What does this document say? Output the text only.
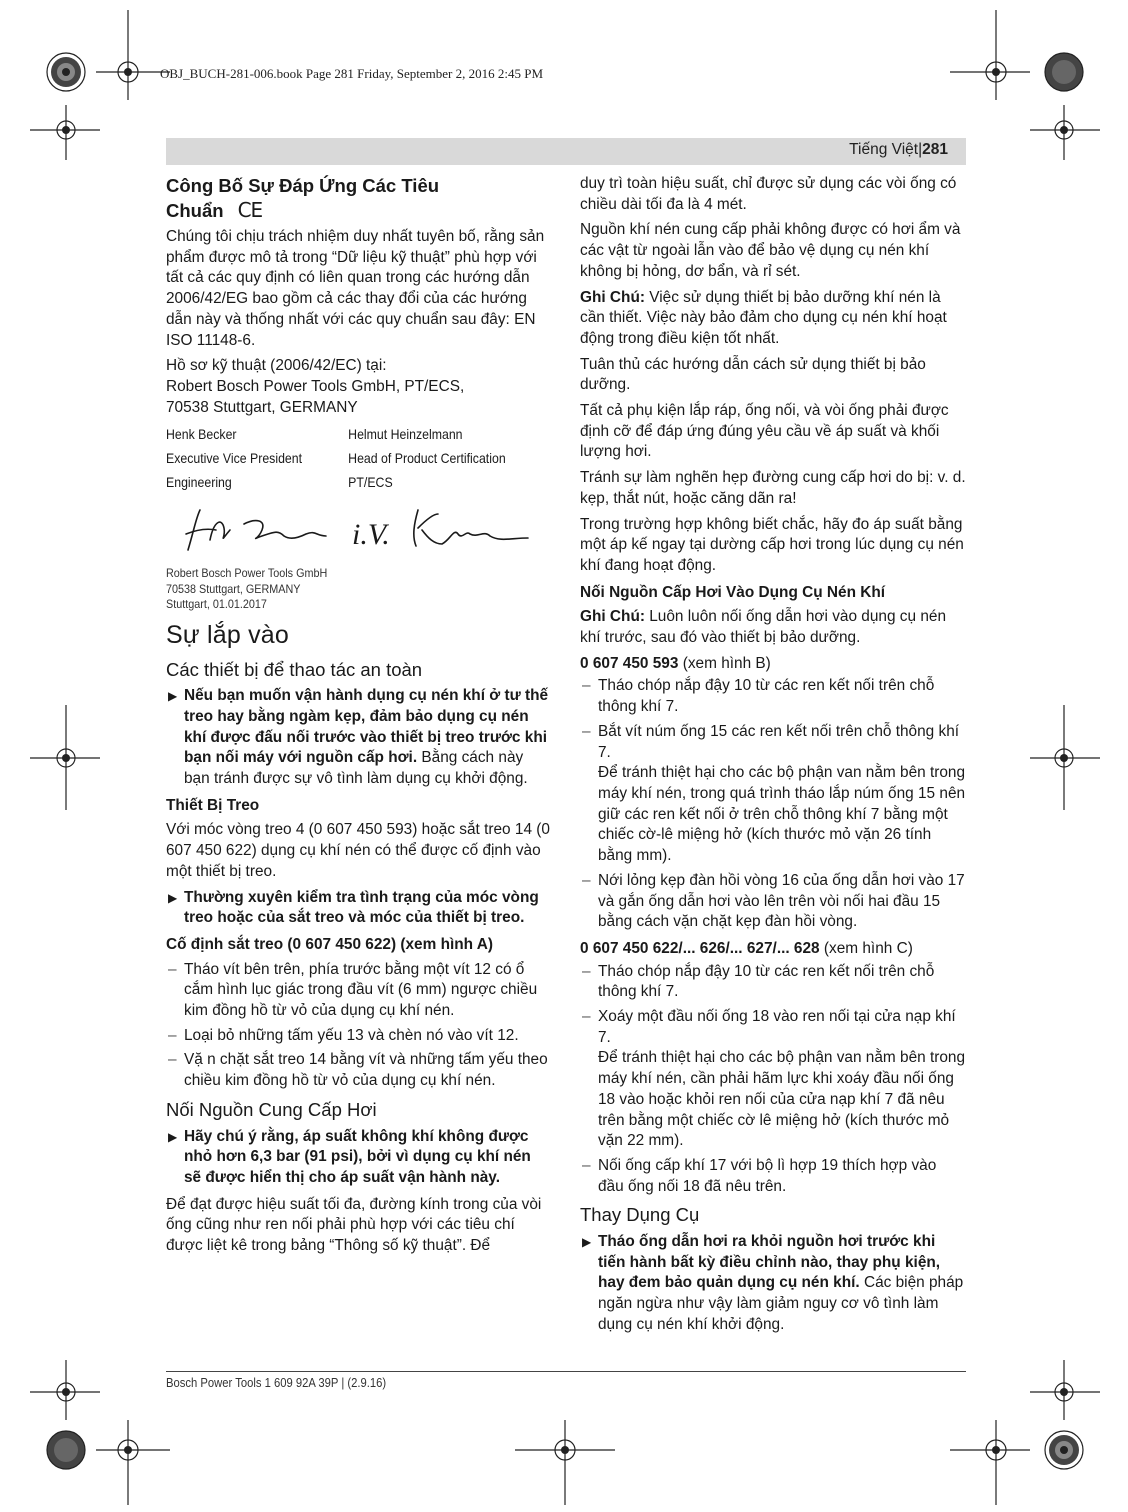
OBJ_BUCH-281-006.book Page 281 Friday, September 2, 2016 2:45 PM
Tiếng Việt|281
Công Bố Sự Đáp Ứng Các Tiêu
Chuẩn CE

Chúng tôi chịu trách nhiệm duy nhất tuyên bố, rằng sản phẩm được mô tả trong “Dữ liệu kỹ thuật” phù hợp với tất cả các quy định có liên quan trong các hướng dẫn 2006/42/EG bao gồm cả các thay đổi của các hướng dẫn này và thống nhất với các quy chuẩn sau đây: EN ISO 11148-6.

Hồ sơ kỹ thuật (2006/42/EC) tại:
Robert Bosch Power Tools GmbH, PT/ECS,
70538 Stuttgart, GERMANY

Henk Becker	Helmut Heinzelmann
Executive Vice President	Head of Product Certification
Engineering	PT/ECS
i.V.
Robert Bosch Power Tools GmbH
70538 Stuttgart, GERMANY
Stuttgart, 01.01.2017
Sự lắp vào
Các thiết bị để thao tác an toàn

▶ Nếu bạn muốn vận hành dụng cụ nén khí ở tư thế treo hay bằng ngàm kẹp, đảm bảo dụng cụ nén khí được đấu nối trước vào thiết bị treo trước khi bạn nối máy với nguồn cấp hơi. Bằng cách này bạn tránh được sự vô tình làm dụng cụ khởi động.

Thiết Bị Treo

Với móc vòng treo 4 (0 607 450 593) hoặc sắt treo 14 (0 607 450 622) dụng cụ khí nén có thể được cố định vào một thiết bị treo.

▶ Thường xuyên kiểm tra tình trạng của móc vòng treo hoặc của sắt treo và móc của thiết bị treo.

Cố định sắt treo (0 607 450 622) (xem hình A)
– Tháo vít bên trên, phía trước bằng một vít 12 có ổ cắm hình lục giác trong đầu vít (6 mm) ngược chiều kim đồng hồ từ vỏ của dụng cụ khí nén.
– Loại bỏ những tấm yếu 13 và chèn nó vào vít 12.
– Vặ n chặt sắt treo 14 bằng vít và những tấm yếu theo chiều kim đồng hồ từ vỏ của dụng cụ khí nén.
Nối Nguồn Cung Cấp Hơi

▶ Hãy chú ý rằng, áp suất không khí không được nhỏ hơn 6,3 bar (91 psi), bởi vì dụng cụ khí nén sẽ được hiển thị cho áp suất vận hành này.

Để đạt được hiệu suất tối đa, đường kính trong của vòi ống cũng như ren nối phải phù hợp với các tiêu chí được liệt kê trong bảng “Thông số kỹ thuật”. Để

duy trì toàn hiệu suất, chỉ được sử dụng các vòi ống có chiều dài tối đa là 4 mét.

Nguồn khí nén cung cấp phải không được có hơi ẩm và các vật từ ngoài lẫn vào để bảo vệ dụng cụ nén khí không bị hỏng, dơ bẩn, và rỉ sét.

Ghi Chú: Việc sử dụng thiết bị bảo dưỡng khí nén là cần thiết. Việc này bảo đảm cho dụng cụ nén khí hoạt động trong điều kiện tốt nhất.

Tuân thủ các hướng dẫn cách sử dụng thiết bị bảo dưỡng.

Tất cả phụ kiện lắp ráp, ống nối, và vòi ống phải được định cỡ để đáp ứng đúng yêu cầu về áp suất và khối lượng hơi.

Tránh sự làm nghẽn hẹp đường cung cấp hơi do bị: v. d. kẹp, thắt nút, hoặc căng dãn ra!

Trong trường hợp không biết chắc, hãy đo áp suất bằng một áp kế ngay tại dường cấp hơi trong lúc dụng cụ nén khí đang hoạt động.

Nối Nguồn Cấp Hơi Vào Dụng Cụ Nén Khí

Ghi Chú: Luôn luôn nối ống dẫn hơi vào dụng cụ nén khí trước, sau đó vào thiết bị bảo dưỡng.

0 607 450 593 (xem hình B)

– Tháo chóp nắp đậy 10 từ các ren kết nối trên chỗ thông khí 7.
– Bắt vít núm ống 15 các ren kết nối trên chỗ thông khí 7.
Để tránh thiệt hại cho các bộ phận van nằm bên trong máy khí nén, trong quá trình tháo lắp núm ống 15 nên giữ các ren kết nối ở trên chỗ thông khí 7 bằng một chiếc cờ-lê miệng hở (kích thước mỏ vặn 26 tính bằng mm).
– Nới lỏng kẹp đàn hồi vòng 16 của ống dẫn hơi vào 17 và gắn ống dẫn hơi vào lên trên vòi nối hai đầu 15 bằng cách vặn chặt kẹp đàn hồi vòng.

0 607 450 622/... 626/... 627/... 628 (xem hình C)

– Tháo chóp nắp đậy 10 từ các ren kết nối trên chỗ thông khí 7.
– Xoáy một đầu nối ống 18 vào ren nối tại cửa nạp khí 7.
Để tránh thiệt hại cho các bộ phận van nằm bên trong máy khí nén, cần phải hãm lực khi xoáy đầu nối ống 18 vào hoặc khỏi ren nối của cửa nạp khí 7 đã nêu trên bằng một chiếc cờ lê miệng hở (kích thước mỏ vặn 22 mm).
– Nối ống cấp khí 17 với bộ lì hợp 19 thích hợp vào đầu ống nối 18 đã nêu trên.
Thay Dụng Cụ

▶ Tháo ống dẫn hơi ra khỏi nguồn hơi trước khi tiến hành bất kỳ điều chỉnh nào, thay phụ kiện, hay đem bảo quản dụng cụ nén khí. Các biện pháp ngăn ngừa như vậy làm giảm nguy cơ vô tình làm dụng cụ nén khí khởi động.

Bosch Power Tools 1 609 92A 39P | (2.9.16)
